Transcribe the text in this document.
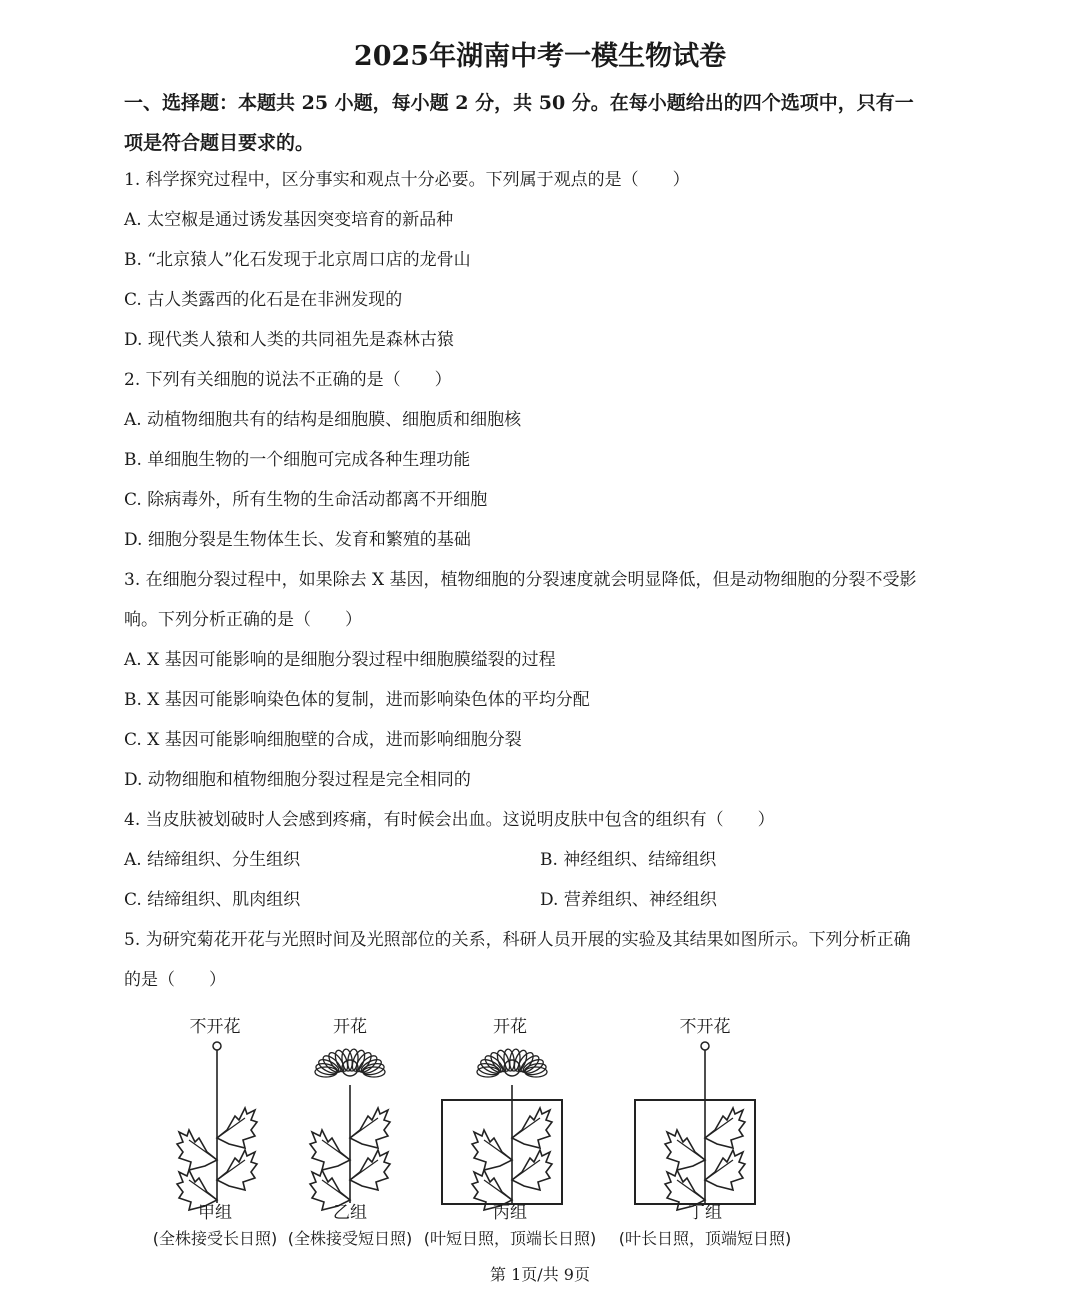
2025年湖南中考一模生物试卷
一、选择题：本题共 25 小题，每小题 2 分，共 50 分。在每小题给出的四个选项中，只有一
项是符合题目要求的。
1. 科学探究过程中，区分事实和观点十分必要。下列属于观点的是（　　）
A. 太空椒是通过诱发基因突变培育的新品种
B. “北京猿人”化石发现于北京周口店的龙骨山
C. 古人类露西的化石是在非洲发现的
D. 现代类人猿和人类的共同祖先是森林古猿
2. 下列有关细胞的说法不正确的是（　　）
A. 动植物细胞共有的结构是细胞膜、细胞质和细胞核
B. 单细胞生物的一个细胞可完成各种生理功能
C. 除病毒外，所有生物的生命活动都离不开细胞
D. 细胞分裂是生物体生长、发育和繁殖的基础
3. 在细胞分裂过程中，如果除去 X 基因，植物细胞的分裂速度就会明显降低，但是动物细胞的分裂不受影
响。下列分析正确的是（　　）
A. X 基因可能影响的是细胞分裂过程中细胞膜缢裂的过程
B. X 基因可能影响染色体的复制，进而影响染色体的平均分配
C. X 基因可能影响细胞壁的合成，进而影响细胞分裂
D. 动物细胞和植物细胞分裂过程是完全相同的
4. 当皮肤被划破时人会感到疼痛，有时候会出血。这说明皮肤中包含的组织有（　　）
A. 结缔组织、分生组织	B. 神经组织、结缔组织
C. 结缔组织、肌肉组织	D. 营养组织、神经组织
5. 为研究菊花开花与光照时间及光照部位的关系，科研人员开展的实验及其结果如图所示。下列分析正确
的是（　　）
不开花
甲组
(全株接受长日照)
开花
乙组
(全株接受短日照)
开花
丙组
(叶短日照，顶端长日照)
不开花
丁组
(叶长日照，顶端短日照)
第 1页/共 9页
